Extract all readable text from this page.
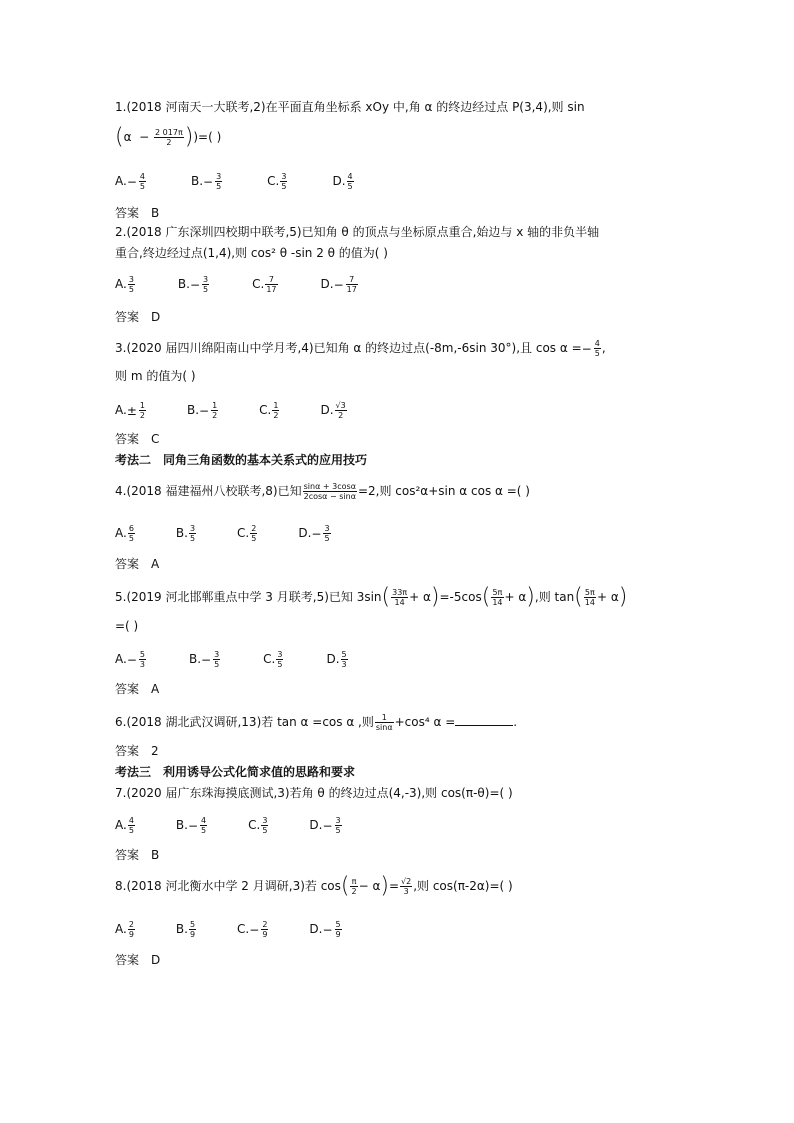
1.(2018 河南天一大联考,2)在平面直角坐标系 xOy 中,角 α 的终边经过点 P(3,4),则 sin
($\alpha - \frac{2 017\pi}{2}$ ))=( )
$A.- \frac{4}{5}$	$B.- \frac{3}{5}$	C. $\frac{3}{5}$	D. $\frac{4}{5}$
答案　B
2.(2018 广东深圳四校期中联考,5)已知角 θ 的顶点与坐标原点重合,始边与 x 轴的非负半轴
重合,终边经过点(1,4),则 cos² θ -sin 2 θ 的值为( )
A. $\frac{3}{5}$	$B.- \frac{3}{5}$	C. $\frac{7}{17}$	$D.- \frac{7}{17}$
答案　D
3.(2020 届四川绵阳南山中学月考,4)已知角 α 的终边过点(-8m,-6sin 30°),且 $\cos \alpha =- \frac{4}{5}$ ,
则 m 的值为( )
$A.\pm \frac{1}{2}$	$B.- \frac{1}{2}$	C. $\frac{1}{2}$	D. $\frac{√3}{2}$
答案　C
考法二　同角三角函数的基本关系式的应用技巧
4.(2018 福建福州八校联考,8)已知 $\frac{\sin\alpha + 3\cos\alpha}{2\cos\alpha - \sin\alpha} =2$,则 cos²α+sin α cos α =( )
A. $\frac{6}{5}$	B. $\frac{3}{5}$	C. $\frac{2}{5}$	$D.- \frac{3}{5}$
答案　A
5.(2019 河北邯郸重点中学 3 月联考,5)已知 $3\sin( \frac{33\pi}{14} + \alpha)=-5\cos( \frac{5\pi}{14} + \alpha)$,则 $\tan( \frac{5\pi}{14} + \alpha)$
=( )
$A.- \frac{5}{3}$	$B.- \frac{3}{5}$	C. $\frac{3}{5}$	D. $\frac{5}{3}$
答案　A
6.(2018 湖北武汉调研,13)若 tan α =cos α ,则 $\frac{1}{\sin\alpha} +\cos^4$ α =	.
答案　2
考法三　利用诱导公式化简求值的思路和要求
7.(2020 届广东珠海摸底测试,3)若角 θ 的终边过点(4,-3),则 cos(π-θ)=( )
A. $\frac{4}{5}$	$B.- \frac{4}{5}$	C. $\frac{3}{5}$	$D.- \frac{3}{5}$
答案　B
8.(2018 河北衡水中学 2 月调研,3)若 $\cos( \frac{\pi}{2} - \alpha)= \frac{√2}{3}$ ,则 cos(π-2α)=( )
A. $\frac{2}{9}$	B. $\frac{5}{9}$	$C.- \frac{2}{9}$	$D.- \frac{5}{9}$
答案　D
